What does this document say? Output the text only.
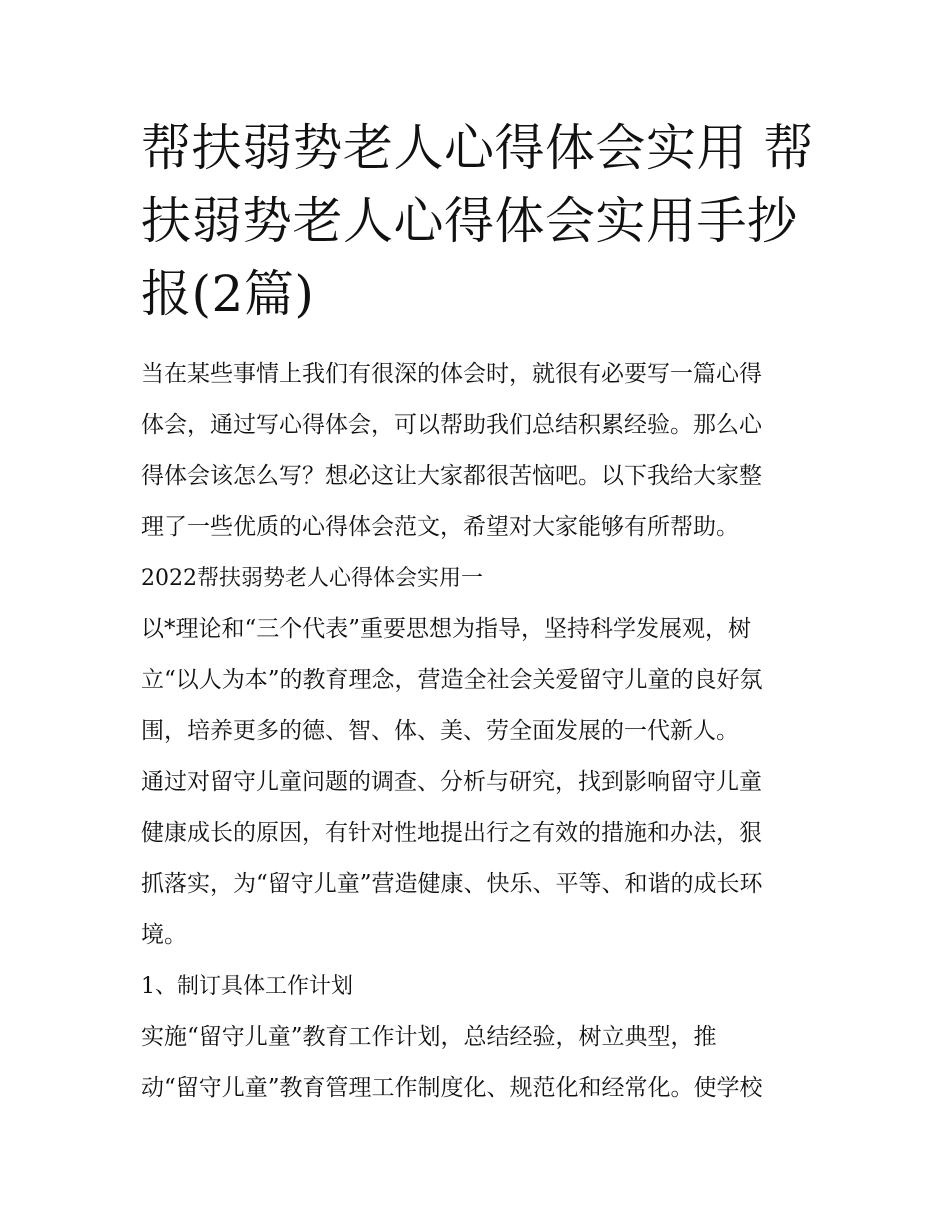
帮扶弱势老人心得体会实用 帮
扶弱势老人心得体会实用手抄
报(2篇)

当在某些事情上我们有很深的体会时，就很有必要写一篇心得
体会，通过写心得体会，可以帮助我们总结积累经验。那么心
得体会该怎么写？想必这让大家都很苦恼吧。以下我给大家整
理了一些优质的心得体会范文，希望对大家能够有所帮助。

2022帮扶弱势老人心得体会实用一

以*理论和“三个代表”重要思想为指导，坚持科学发展观，树
立“以人为本”的教育理念，营造全社会关爱留守儿童的良好氛
围，培养更多的德、智、体、美、劳全面发展的一代新人。

通过对留守儿童问题的调查、分析与研究，找到影响留守儿童
健康成长的原因，有针对性地提出行之有效的措施和办法，狠
抓落实，为“留守儿童”营造健康、快乐、平等、和谐的成长环
境。

1、制订具体工作计划

实施“留守儿童”教育工作计划，总结经验，树立典型，推
动“留守儿童”教育管理工作制度化、规范化和经常化。使学校
